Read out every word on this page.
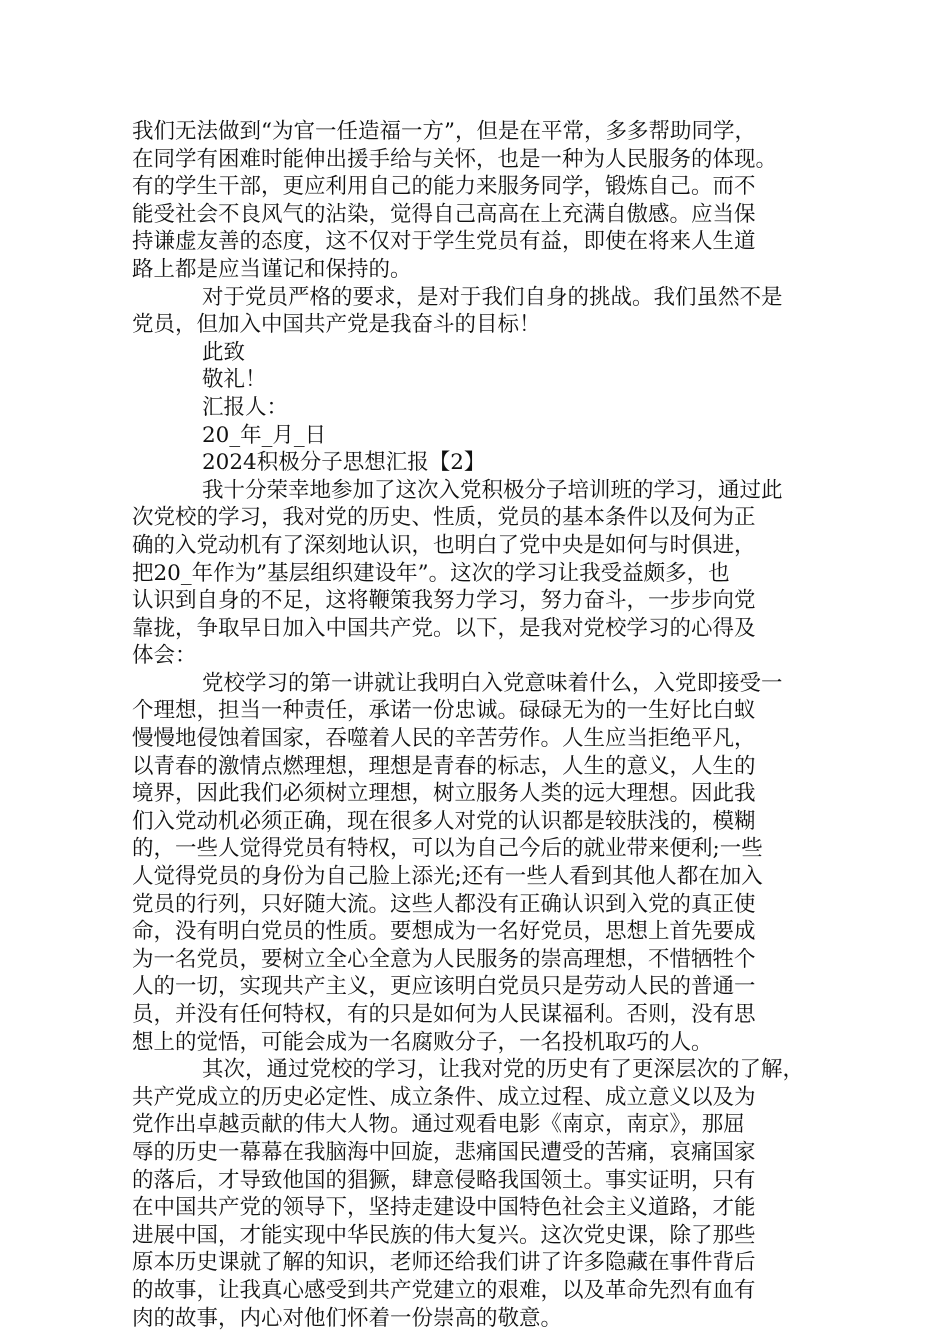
我们无法做到“为官一任造福一方”，但是在平常，多多帮助同学，
在同学有困难时能伸出援手给与关怀，也是一种为人民服务的体现。
有的学生干部，更应利用自己的能力来服务同学，锻炼自己。而不
能受社会不良风气的沾染，觉得自己高高在上充满自傲感。应当保
持谦虚友善的态度，这不仅对于学生党员有益，即使在将来人生道
路上都是应当谨记和保持的。
对于党员严格的要求，是对于我们自身的挑战。我们虽然不是
党员，但加入中国共产党是我奋斗的目标！
此致
敬礼！
汇报人：
20_年_月_日
2024积极分子思想汇报【2】
我十分荣幸地参加了这次入党积极分子培训班的学习，通过此
次党校的学习，我对党的历史、性质，党员的基本条件以及何为正
确的入党动机有了深刻地认识，也明白了党中央是如何与时俱进，
把20_年作为”基层组织建设年”。这次的学习让我受益颇多，也
认识到自身的不足，这将鞭策我努力学习，努力奋斗，一步步向党
靠拢，争取早日加入中国共产党。以下，是我对党校学习的心得及
体会：
党校学习的第一讲就让我明白入党意味着什么，入党即接受一
个理想，担当一种责任，承诺一份忠诚。碌碌无为的一生好比白蚁
慢慢地侵蚀着国家，吞噬着人民的辛苦劳作。人生应当拒绝平凡，
以青春的激情点燃理想，理想是青春的标志，人生的意义，人生的
境界，因此我们必须树立理想，树立服务人类的远大理想。因此我
们入党动机必须正确，现在很多人对党的认识都是较肤浅的，模糊
的，一些人觉得党员有特权，可以为自己今后的就业带来便利;一些
人觉得党员的身份为自己脸上添光;还有一些人看到其他人都在加入
党员的行列，只好随大流。这些人都没有正确认识到入党的真正使
命，没有明白党员的性质。要想成为一名好党员，思想上首先要成
为一名党员，要树立全心全意为人民服务的崇高理想，不惜牺牲个
人的一切，实现共产主义，更应该明白党员只是劳动人民的普通一
员，并没有任何特权，有的只是如何为人民谋福利。否则，没有思
想上的觉悟，可能会成为一名腐败分子，一名投机取巧的人。
其次，通过党校的学习，让我对党的历史有了更深层次的了解，
共产党成立的历史必定性、成立条件、成立过程、成立意义以及为
党作出卓越贡献的伟大人物。通过观看电影《南京，南京》，那屈
辱的历史一幕幕在我脑海中回旋，悲痛国民遭受的苦痛，哀痛国家
的落后，才导致他国的猖獗，肆意侵略我国领土。事实证明，只有
在中国共产党的领导下，坚持走建设中国特色社会主义道路，才能
进展中国，才能实现中华民族的伟大复兴。这次党史课，除了那些
原本历史课就了解的知识，老师还给我们讲了许多隐藏在事件背后
的故事，让我真心感受到共产党建立的艰难，以及革命先烈有血有
肉的故事，内心对他们怀着一份崇高的敬意。
